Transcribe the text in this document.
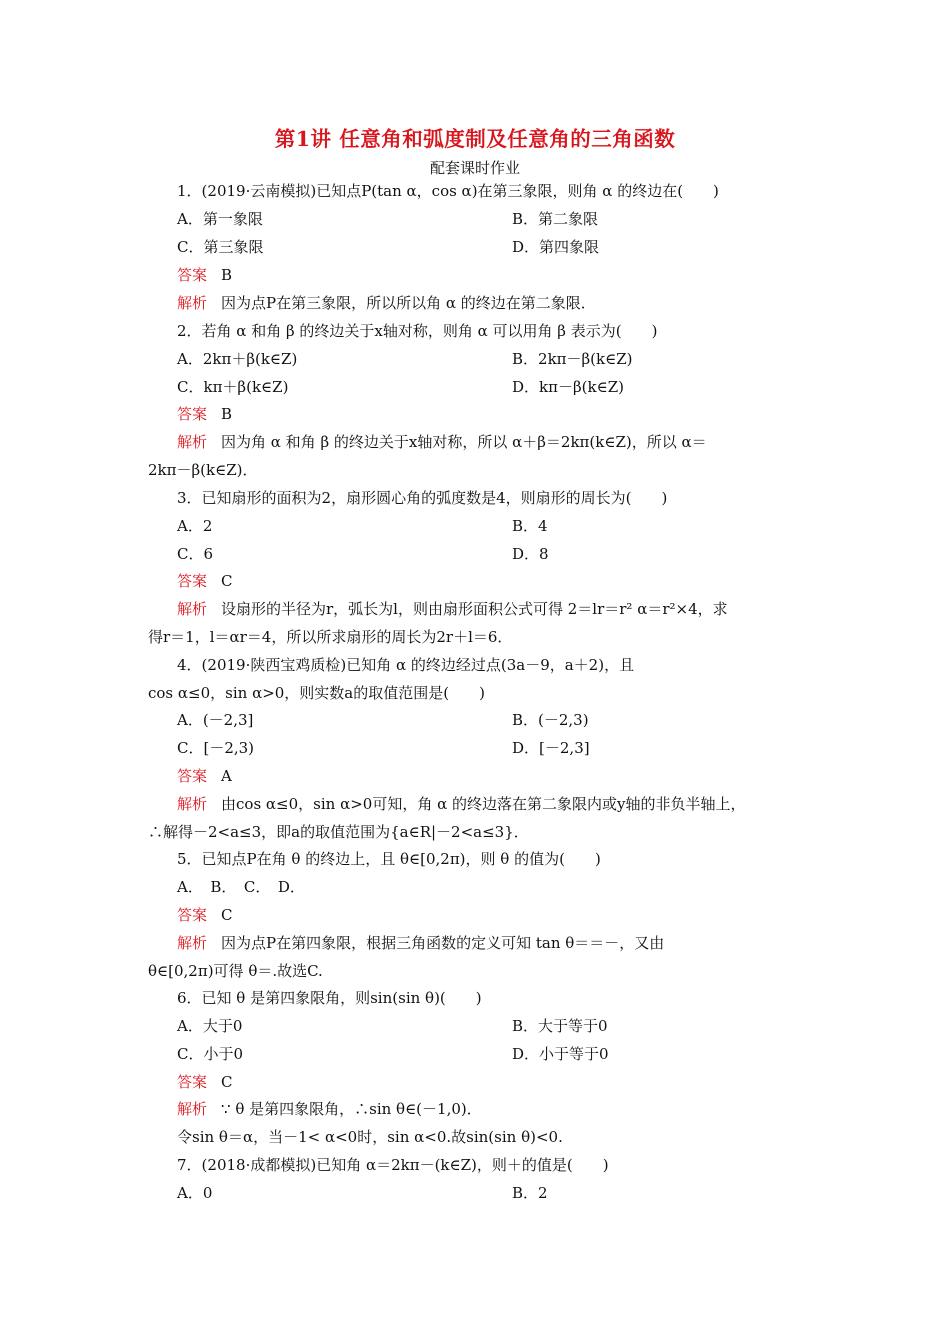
第1讲 任意角和弧度制及任意角的三角函数
配套课时作业
1．(2019·云南模拟)已知点P(tan α，cos α)在第三象限，则角 α 的终边在(　　)
A．第一象限	B．第二象限
C．第三象限	D．第四象限
答案 B
解析 因为点P在第三象限，所以所以角 α 的终边在第二象限．
2．若角 α 和角 β 的终边关于x轴对称，则角 α 可以用角 β 表示为(　　)
A．2kπ＋β(k∈Z)	B．2kπ－β(k∈Z)
C．kπ＋β(k∈Z)	D．kπ－β(k∈Z)
答案 B
解析 因为角 α 和角 β 的终边关于x轴对称，所以 α＋β＝2kπ(k∈Z)，所以 α＝
2kπ－β(k∈Z)．
3．已知扇形的面积为2，扇形圆心角的弧度数是4，则扇形的周长为(　　)
A．2	B．4
C．6	D．8
答案 C
解析 设扇形的半径为r，弧长为l，则由扇形面积公式可得 2＝lr＝r² α＝r²×4，求
得r＝1，l＝αr＝4，所以所求扇形的周长为2r＋l＝6．
4．(2019·陕西宝鸡质检)已知角 α 的终边经过点(3a－9，a＋2)，且
cos α≤0，sin α>0，则实数a的取值范围是(　　)
A．(－2,3]	B．(－2,3)
C．[－2,3)	D．[－2,3]
答案 A
解析 由cos α≤0，sin α>0可知，角 α 的终边落在第二象限内或y轴的非负半轴上，
∴解得－2<a≤3，即a的取值范围为{a∈R|－2<a≤3}．
5．已知点P在角 θ 的终边上，且 θ∈[0,2π)，则 θ 的值为(　　)
A．　B．　C．　D．
答案 C
解析 因为点P在第四象限，根据三角函数的定义可知 tan θ＝＝－，又由
θ∈[0,2π)可得 θ＝.故选C.
6．已知 θ 是第四象限角，则sin(sin θ)(　　)
A．大于0	B．大于等于0
C．小于0	D．小于等于0
答案 C
解析 ∵ θ 是第四象限角，∴sin θ∈(－1,0)．
令sin θ＝α，当－1< α<0时，sin α<0.故sin(sin θ)<0.
7．(2018·成都模拟)已知角 α＝2kπ－(k∈Z)，则＋的值是(　　)
A．0	B．2
